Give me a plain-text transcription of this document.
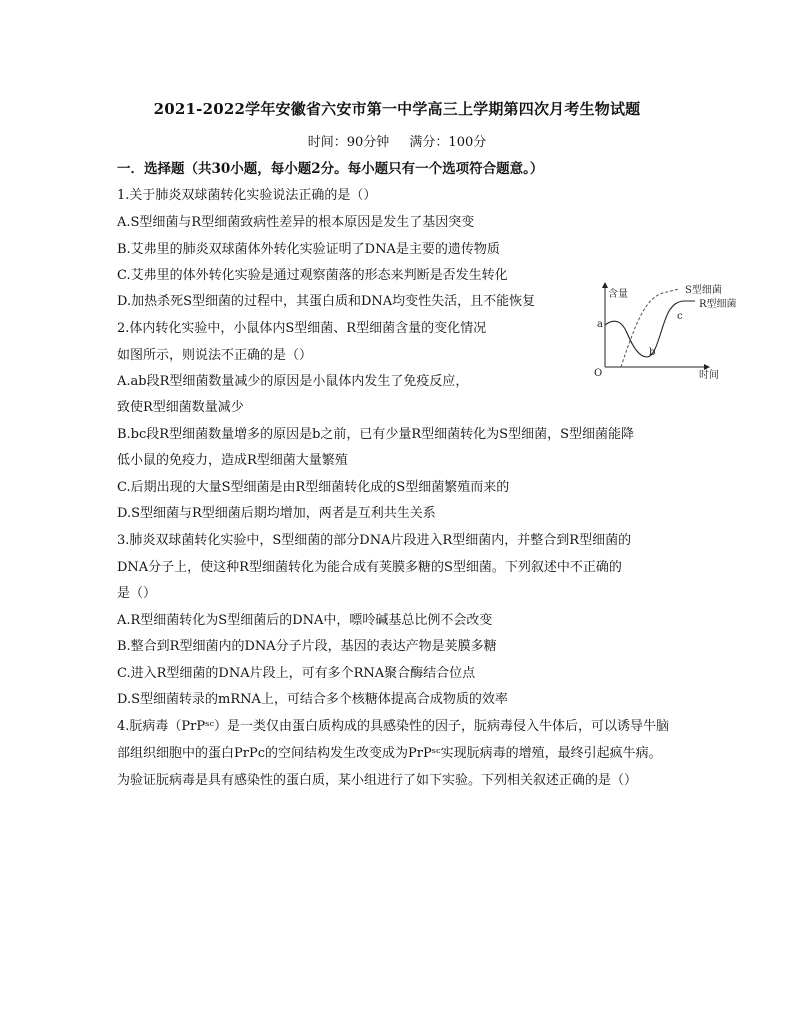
2021-2022学年安徽省六安市第一中学高三上学期第四次月考生物试题
时间：90分钟 满分：100分
一．选择题（共30小题，每小题2分。每小题只有一个选项符合题意。）
1.关于肺炎双球菌转化实验说法正确的是（）
A.S型细菌与R型细菌致病性差异的根本原因是发生了基因突变
B.艾弗里的肺炎双球菌体外转化实验证明了DNA是主要的遗传物质
C.艾弗里的体外转化实验是通过观察菌落的形态来判断是否发生转化
D.加热杀死S型细菌的过程中，其蛋白质和DNA均变性失活，且不能恢复
2.体内转化实验中，小鼠体内S型细菌、R型细菌含量的变化情况
如图所示，则说法不正确的是（）
A.ab段R型细菌数量减少的原因是小鼠体内发生了免疫反应，
致使R型细菌数量减少
B.bc段R型细菌数量增多的原因是b之前，已有少量R型细菌转化为S型细菌，S型细菌能降
低小鼠的免疫力，造成R型细菌大量繁殖
C.后期出现的大量S型细菌是由R型细菌转化成的S型细菌繁殖而来的
D.S型细菌与R型细菌后期均增加，两者是互利共生关系
含量
时间
O
a
b
c
S型细菌
R型细菌
3.肺炎双球菌转化实验中，S型细菌的部分DNA片段进入R型细菌内，并整合到R型细菌的
DNA分子上，使这种R型细菌转化为能合成有荚膜多糖的S型细菌。下列叙述中不正确的
是（）
A.R型细菌转化为S型细菌后的DNA中，嘌呤碱基总比例不会改变
B.整合到R型细菌内的DNA分子片段，基因的表达产物是荚膜多糖
C.进入R型细菌的DNA片段上，可有多个RNA聚合酶结合位点
D.S型细菌转录的mRNA上，可结合多个核糖体提高合成物质的效率
4.朊病毒（PrPˢᶜ）是一类仅由蛋白质构成的具感染性的因子，朊病毒侵入牛体后，可以诱导牛脑
部组织细胞中的蛋白PrPc的空间结构发生改变成为PrPˢᶜ实现朊病毒的增殖，最终引起疯牛病。
为验证朊病毒是具有感染性的蛋白质，某小组进行了如下实验。下列相关叙述正确的是（）
